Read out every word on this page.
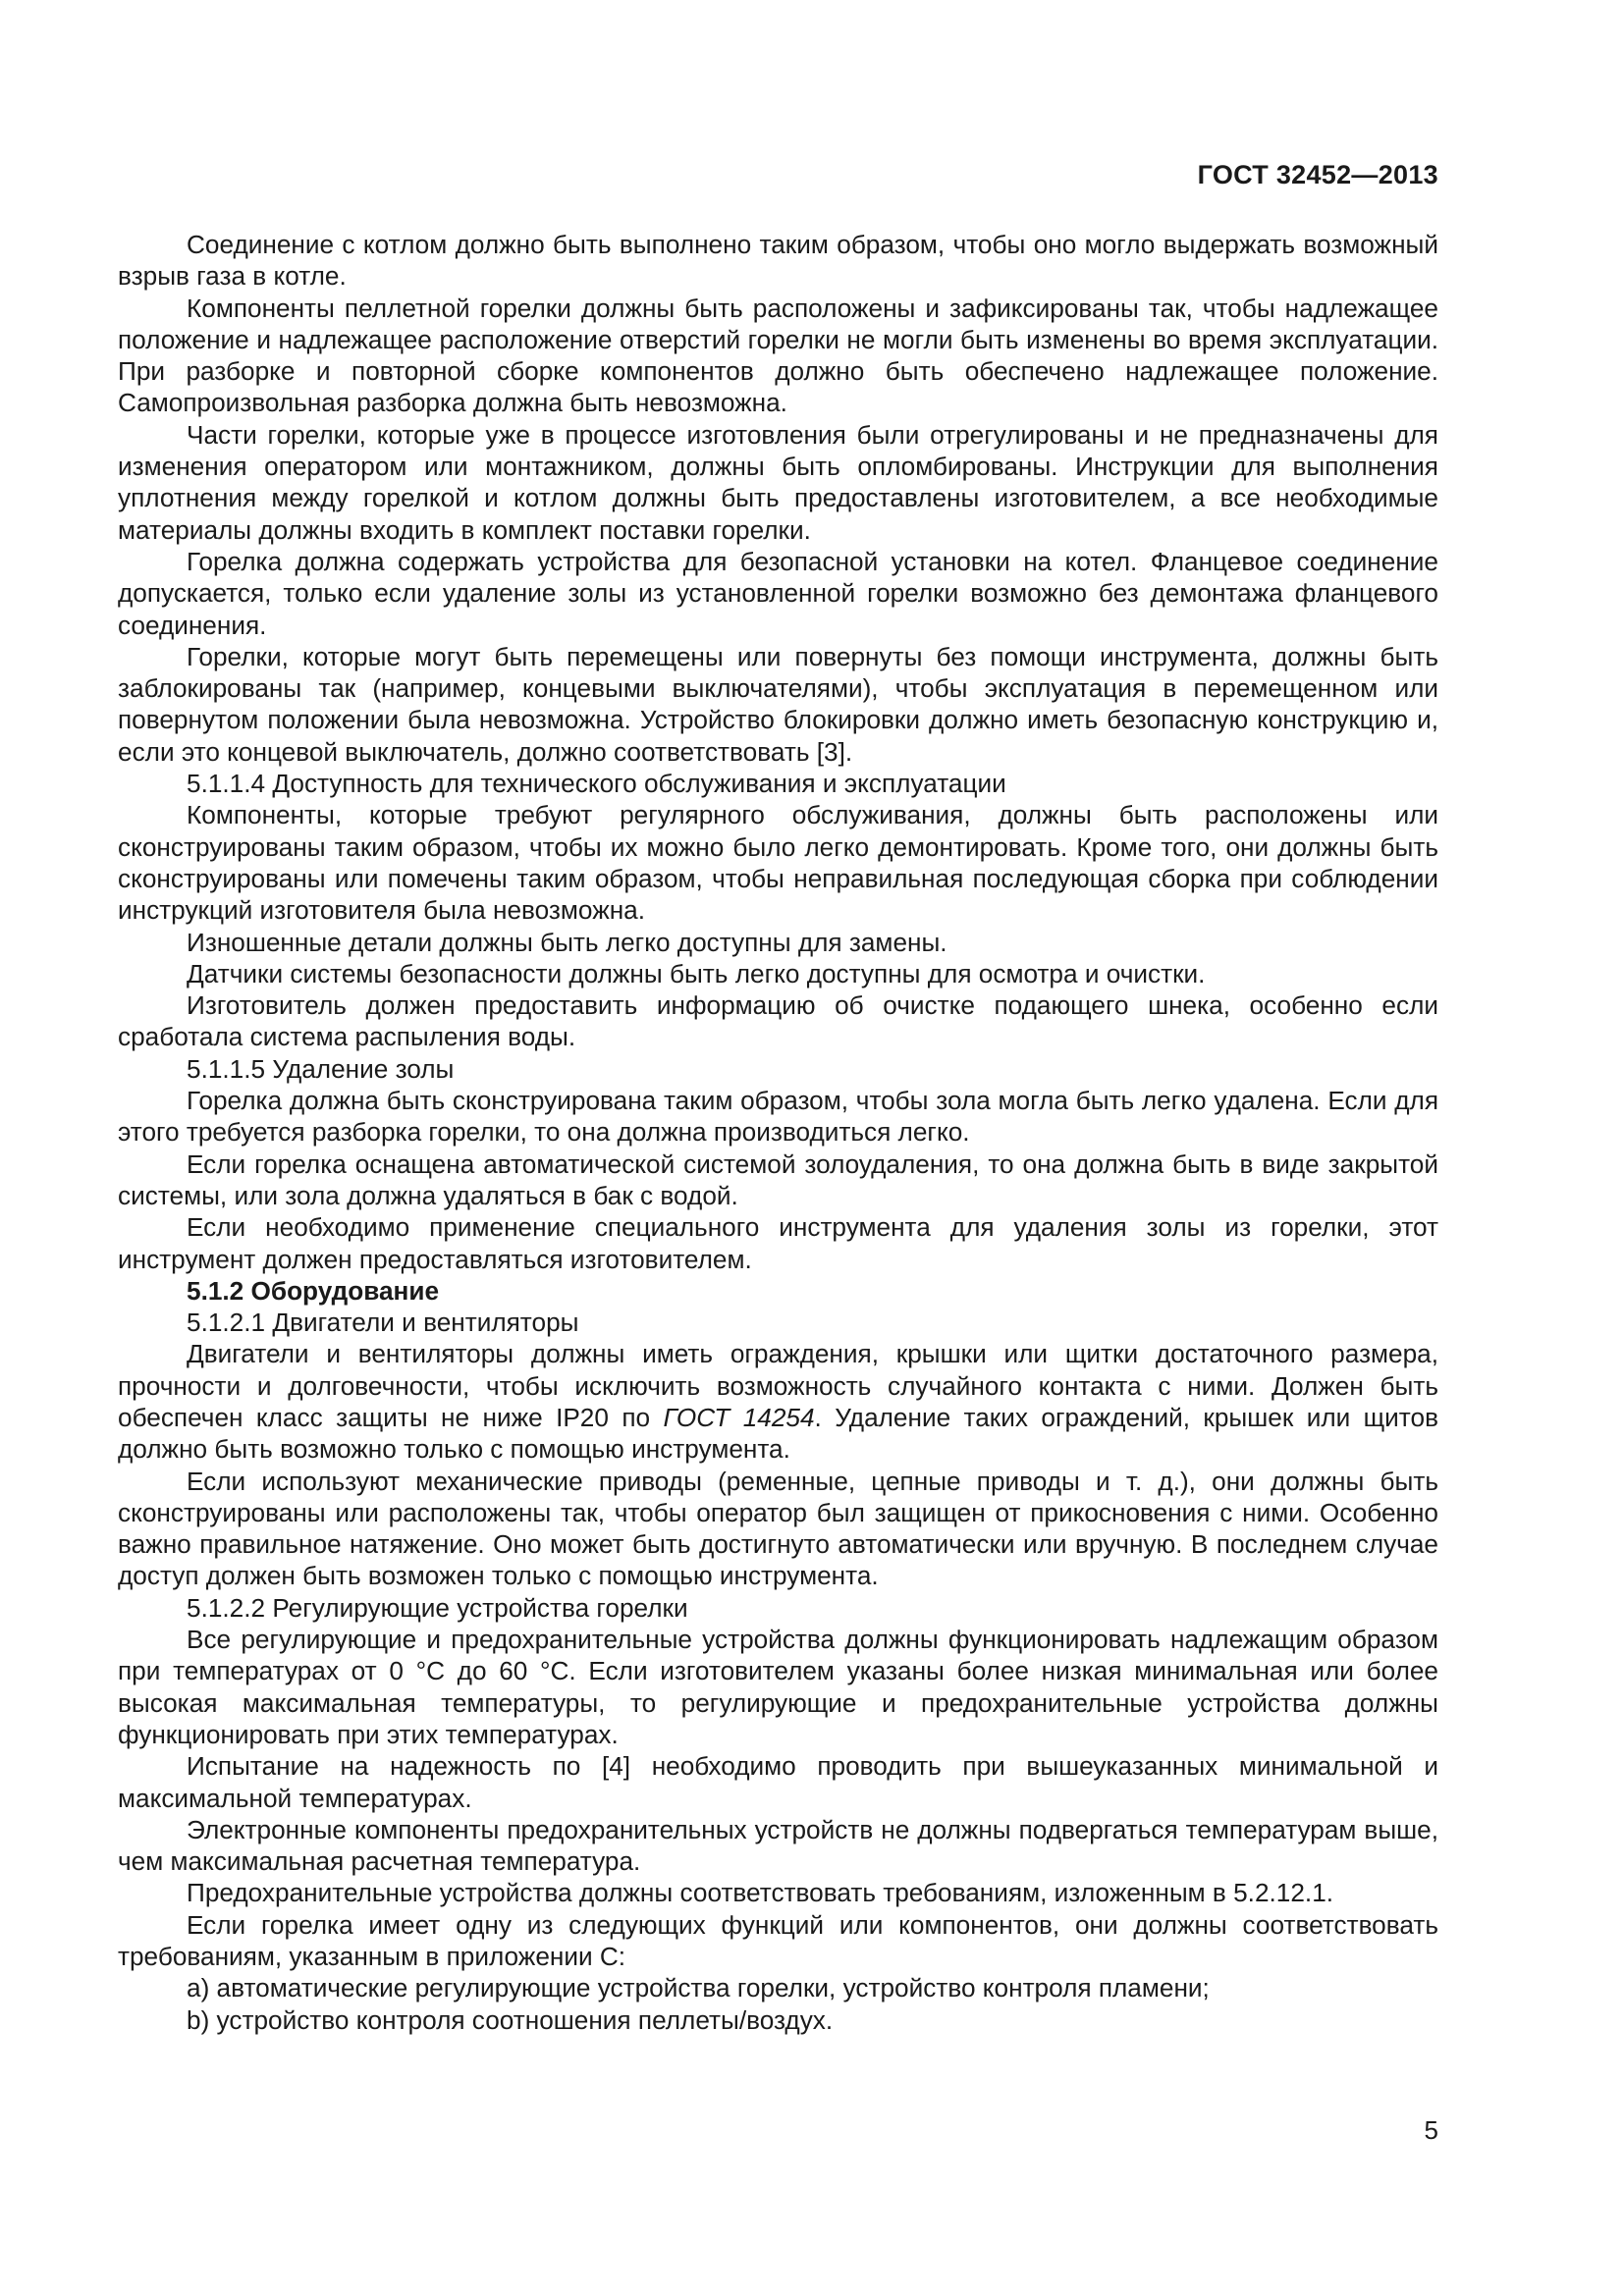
ГОСТ 32452—2013

Соединение с котлом должно быть выполнено таким образом, чтобы оно могло выдержать возможный взрыв газа в котле.

Компоненты пеллетной горелки должны быть расположены и зафиксированы так, чтобы надлежащее положение и надлежащее расположение отверстий горелки не могли быть изменены во время эксплуатации. При разборке и повторной сборке компонентов должно быть обеспечено надлежащее положение. Самопроизвольная разборка должна быть невозможна.

Части горелки, которые уже в процессе изготовления были отрегулированы и не предназначены для изменения оператором или монтажником, должны быть опломбированы. Инструкции для выполнения уплотнения между горелкой и котлом должны быть предоставлены изготовителем, а все необходимые материалы должны входить в комплект поставки горелки.

Горелка должна содержать устройства для безопасной установки на котел. Фланцевое соединение допускается, только если удаление золы из установленной горелки возможно без демонтажа фланцевого соединения.

Горелки, которые могут быть перемещены или повернуты без помощи инструмента, должны быть заблокированы так (например, концевыми выключателями), чтобы эксплуатация в перемещенном или повернутом положении была невозможна. Устройство блокировки должно иметь безопасную конструкцию и, если это концевой выключатель, должно соответствовать [3].

5.1.1.4 Доступность для технического обслуживания и эксплуатации

Компоненты, которые требуют регулярного обслуживания, должны быть расположены или сконструированы таким образом, чтобы их можно было легко демонтировать. Кроме того, они должны быть сконструированы или помечены таким образом, чтобы неправильная последующая сборка при соблюдении инструкций изготовителя была невозможна.

Изношенные детали должны быть легко доступны для замены.

Датчики системы безопасности должны быть легко доступны для осмотра и очистки.

Изготовитель должен предоставить информацию об очистке подающего шнека, особенно если сработала система распыления воды.

5.1.1.5 Удаление золы

Горелка должна быть сконструирована таким образом, чтобы зола могла быть легко удалена. Если для этого требуется разборка горелки, то она должна производиться легко.

Если горелка оснащена автоматической системой золоудаления, то она должна быть в виде закрытой системы, или зола должна удаляться в бак с водой.

Если необходимо применение специального инструмента для удаления золы из горелки, этот инструмент должен предоставляться изготовителем.

5.1.2 Оборудование

5.1.2.1 Двигатели и вентиляторы

Двигатели и вентиляторы должны иметь ограждения, крышки или щитки достаточного размера, прочности и долговечности, чтобы исключить возможность случайного контакта с ними. Должен быть обеспечен класс защиты не ниже IP20 по ГОСТ 14254. Удаление таких ограждений, крышек или щитов должно быть возможно только с помощью инструмента.

Если используют механические приводы (ременные, цепные приводы и т. д.), они должны быть сконструированы или расположены так, чтобы оператор был защищен от прикосновения с ними. Особенно важно правильное натяжение. Оно может быть достигнуто автоматически или вручную. В последнем случае доступ должен быть возможен только с помощью инструмента.

5.1.2.2 Регулирующие устройства горелки

Все регулирующие и предохранительные устройства должны функционировать надлежащим образом при температурах от 0 °С до 60 °С. Если изготовителем указаны более низкая минимальная или более высокая максимальная температуры, то регулирующие и предохранительные устройства должны функционировать при этих температурах.

Испытание на надежность по [4] необходимо проводить при вышеуказанных минимальной и максимальной температурах.

Электронные компоненты предохранительных устройств не должны подвергаться температурам выше, чем максимальная расчетная температура.

Предохранительные устройства должны соответствовать требованиям, изложенным в 5.2.12.1.

Если горелка имеет одну из следующих функций или компонентов, они должны соответствовать требованиям, указанным в приложении С:

а) автоматические регулирующие устройства горелки, устройство контроля пламени;

b) устройство контроля соотношения пеллеты/воздух.

5
